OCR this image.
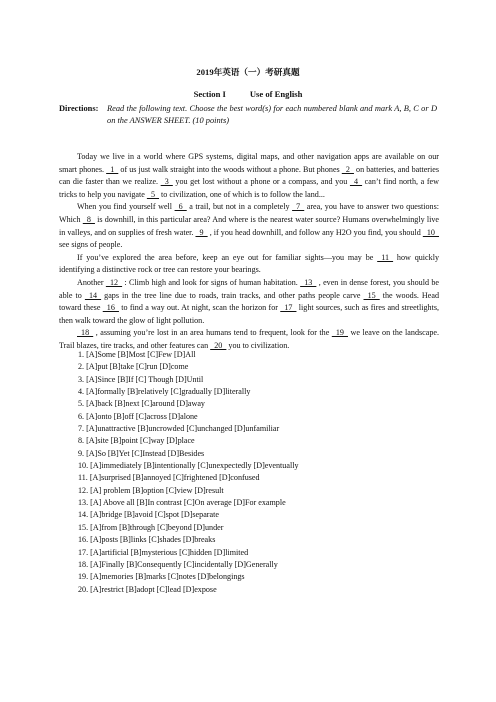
2019年英语（一）考研真题
Section I	Use of English
Directions: Read the following text. Choose the best word(s) for each numbered blank and mark A, B, C or D on the ANSWER SHEET. (10 points)

Today we live in a world where GPS systems, digital maps, and other navigation apps are available on our smart phones.  1  of us just walk straight into the woods without a phone. But phones  2  on batteries, and batteries can die faster than we realize.  3  you get lost without a phone or a compass, and you  4  can’t find north, a few tricks to help you navigate  5  to civilization, one of which is to follow the land...

When you find yourself well  6  a trail, but not in a completely  7  area, you have to answer two questions: Which  8  is downhill, in this particular area? And where is the nearest water source? Humans overwhelmingly live in valleys, and on supplies of fresh water.  9  , if you head downhill, and follow any H2O you find, you should  10  see signs of people.

If you’ve explored the area before, keep an eye out for familiar sights—you may be  11  how quickly identifying a distinctive rock or tree can restore your bearings.

Another  12  : Climb high and look for signs of human habitation.  13  , even in dense forest, you should be able to  14  gaps in the tree line due to roads, train tracks, and other paths people carve  15  the woods. Head toward these  16  to find a way out. At night, scan the horizon for  17  light sources, such as fires and streetlights, then walk toward the glow of light pollution.

 18  , assuming you’re lost in an area humans tend to frequent, look for the  19  we leave on the landscape. Trail blazes, tire tracks, and other features can  20  you to civilization.

1. [A]Some [B]Most [C]Few [D]All
2. [A]put [B]take [C]run [D]come
3. [A]Since [B]If [C] Though [D]Until
4. [A]formally [B]relatively [C]gradually [D]literally
5. [A]back [B]next [C]around [D]away
6. [A]onto [B]off [C]across [D]alone
7. [A]unattractive [B]uncrowded [C]unchanged [D]unfamiliar
8. [A]site [B]point [C]way [D]place
9. [A]So [B]Yet [C]Instead [D]Besides
10. [A]immediately [B]intentionally [C]unexpectedly [D]eventually
11. [A]surprised [B]annoyed [C]frightened [D]confused
12. [A] problem [B]option [C]view [D]result
13. [A] Above all [B]In contrast [C]On average [D]For example
14. [A]bridge [B]avoid [C]spot [D]separate
15. [A]from [B]through [C]beyond [D]under
16. [A]posts [B]links [C]shades [D]breaks
17. [A]artificial [B]mysterious [C]hidden [D]limited
18. [A]Finally [B]Consequently [C]incidentally [D]Generally
19. [A]memories [B]marks [C]notes [D]belongings
20. [A]restrict [B]adopt [C]lead [D]expose
